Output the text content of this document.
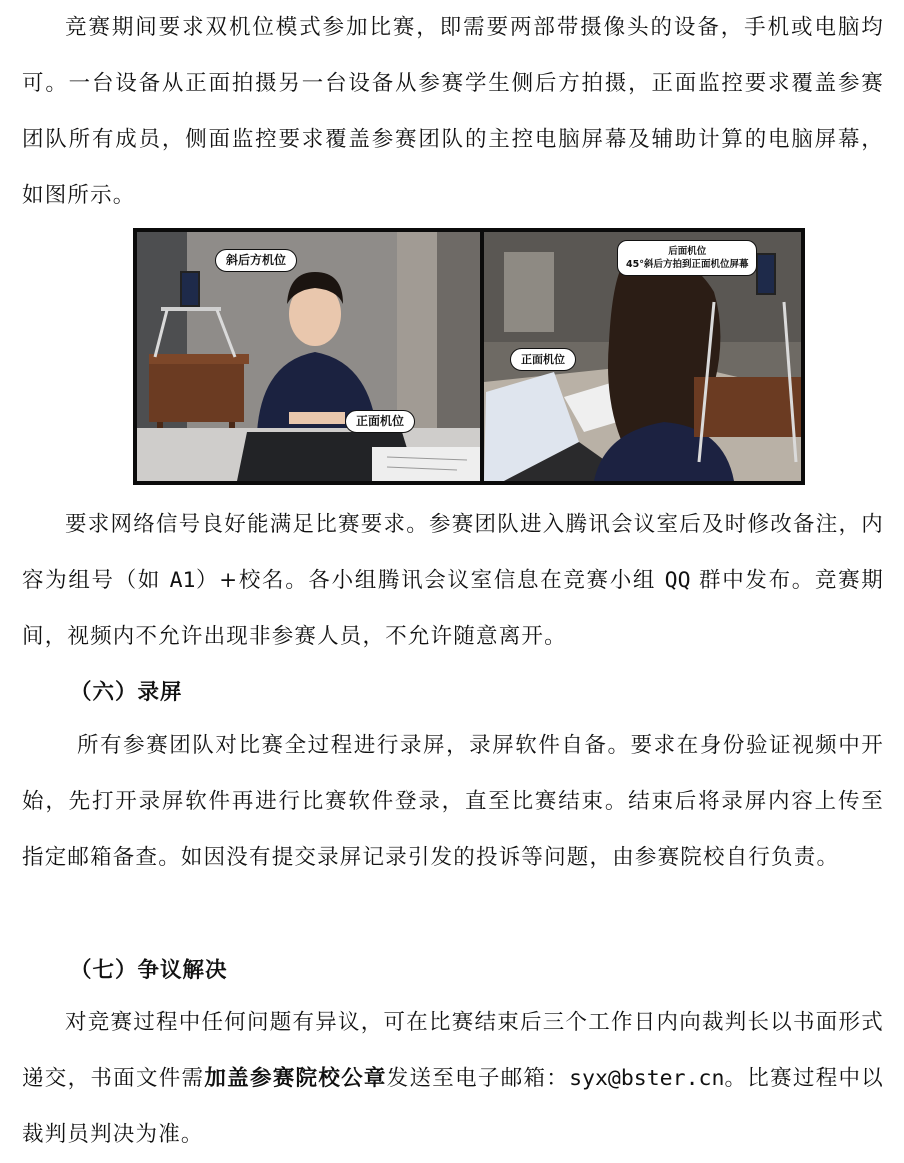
竞赛期间要求双机位模式参加比赛，即需要两部带摄像头的设备，手机或电脑均可。一台设备从正面拍摄另一台设备从参赛学生侧后方拍摄，正面监控要求覆盖参赛团队所有成员，侧面监控要求覆盖参赛团队的主控电脑屏幕及辅助计算的电脑屏幕，如图所示。
斜后方机位
正面机位
后面机位
45°斜后方拍到正面机位屏幕
正面机位
要求网络信号良好能满足比赛要求。参赛团队进入腾讯会议室后及时修改备注，内容为组号（如 A1）+校名。各小组腾讯会议室信息在竞赛小组 QQ 群中发布。竞赛期间，视频内不允许出现非参赛人员，不允许随意离开。
（六）录屏
所有参赛团队对比赛全过程进行录屏，录屏软件自备。要求在身份验证视频中开始，先打开录屏软件再进行比赛软件登录，直至比赛结束。结束后将录屏内容上传至指定邮箱备查。如因没有提交录屏记录引发的投诉等问题，由参赛院校自行负责。
（七）争议解决
对竞赛过程中任何问题有异议，可在比赛结束后三个工作日内向裁判长以书面形式递交，书面文件需加盖参赛院校公章发送至电子邮箱：syx@bster.cn。比赛过程中以裁判员判决为准。
